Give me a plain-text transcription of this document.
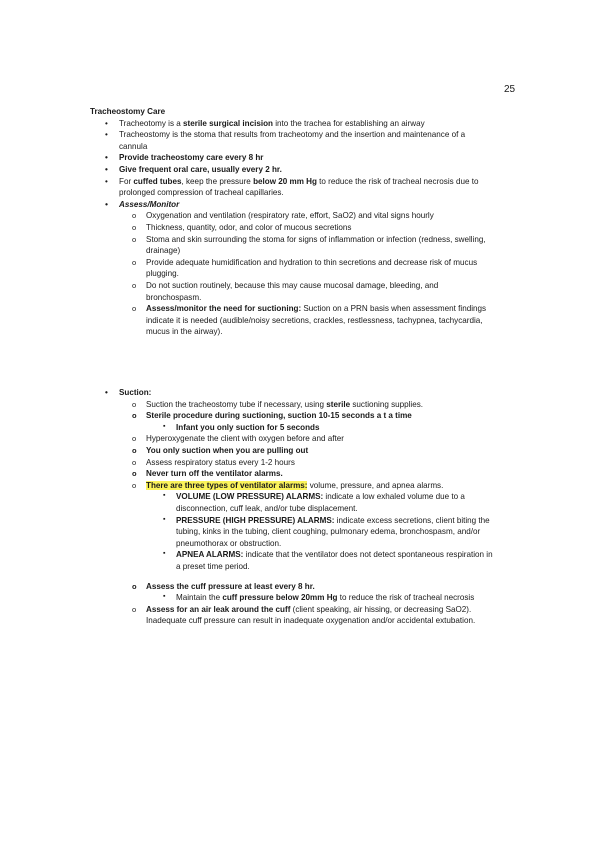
25

Tracheostomy Care

• Tracheotomy is a sterile surgical incision into the trachea for establishing an airway
• Tracheostomy is the stoma that results from tracheotomy and the insertion and maintenance of a
cannula
• Provide tracheostomy care every 8 hr
• Give frequent oral care, usually every 2 hr.
• For cuffed tubes, keep the pressure below 20 mm Hg to reduce the risk of tracheal necrosis due to
prolonged compression of tracheal capillaries.
• Assess/Monitor
o Oxygenation and ventilation (respiratory rate, effort, SaO2) and vital signs hourly
o Thickness, quantity, odor, and color of mucous secretions
o Stoma and skin surrounding the stoma for signs of inflammation or infection (redness, swelling,
drainage)
o Provide adequate humidification and hydration to thin secretions and decrease risk of mucus
plugging.
o Do not suction routinely, because this may cause mucosal damage, bleeding, and
bronchospasm.
o Assess/monitor the need for suctioning: Suction on a PRN basis when assessment findings
indicate it is needed (audible/noisy secretions, crackles, restlessness, tachypnea, tachycardia,
mucus in the airway).
• Suction:
o Suction the tracheostomy tube if necessary, using sterile suctioning supplies.
o Sterile procedure during suctioning, suction 10-15 seconds a t a time
▪ Infant you only suction for 5 seconds
o Hyperoxygenate the client with oxygen before and after
o You only suction when you are pulling out
o Assess respiratory status every 1-2 hours
o Never turn off the ventilator alarms.
o There are three types of ventilator alarms: volume, pressure, and apnea alarms.
▪ VOLUME (LOW PRESSURE) ALARMS: indicate a low exhaled volume due to a
disconnection, cuff leak, and/or tube displacement.
▪ PRESSURE (HIGH PRESSURE) ALARMS: indicate excess secretions, client biting the
tubing, kinks in the tubing, client coughing, pulmonary edema, bronchospasm, and/or
pneumothorax or obstruction.
▪ APNEA ALARMS: indicate that the ventilator does not detect spontaneous respiration in
a preset time period.
o Assess the cuff pressure at least every 8 hr.
▪ Maintain the cuff pressure below 20mm Hg to reduce the risk of tracheal necrosis
o Assess for an air leak around the cuff (client speaking, air hissing, or decreasing SaO2).
Inadequate cuff pressure can result in inadequate oxygenation and/or accidental extubation.
